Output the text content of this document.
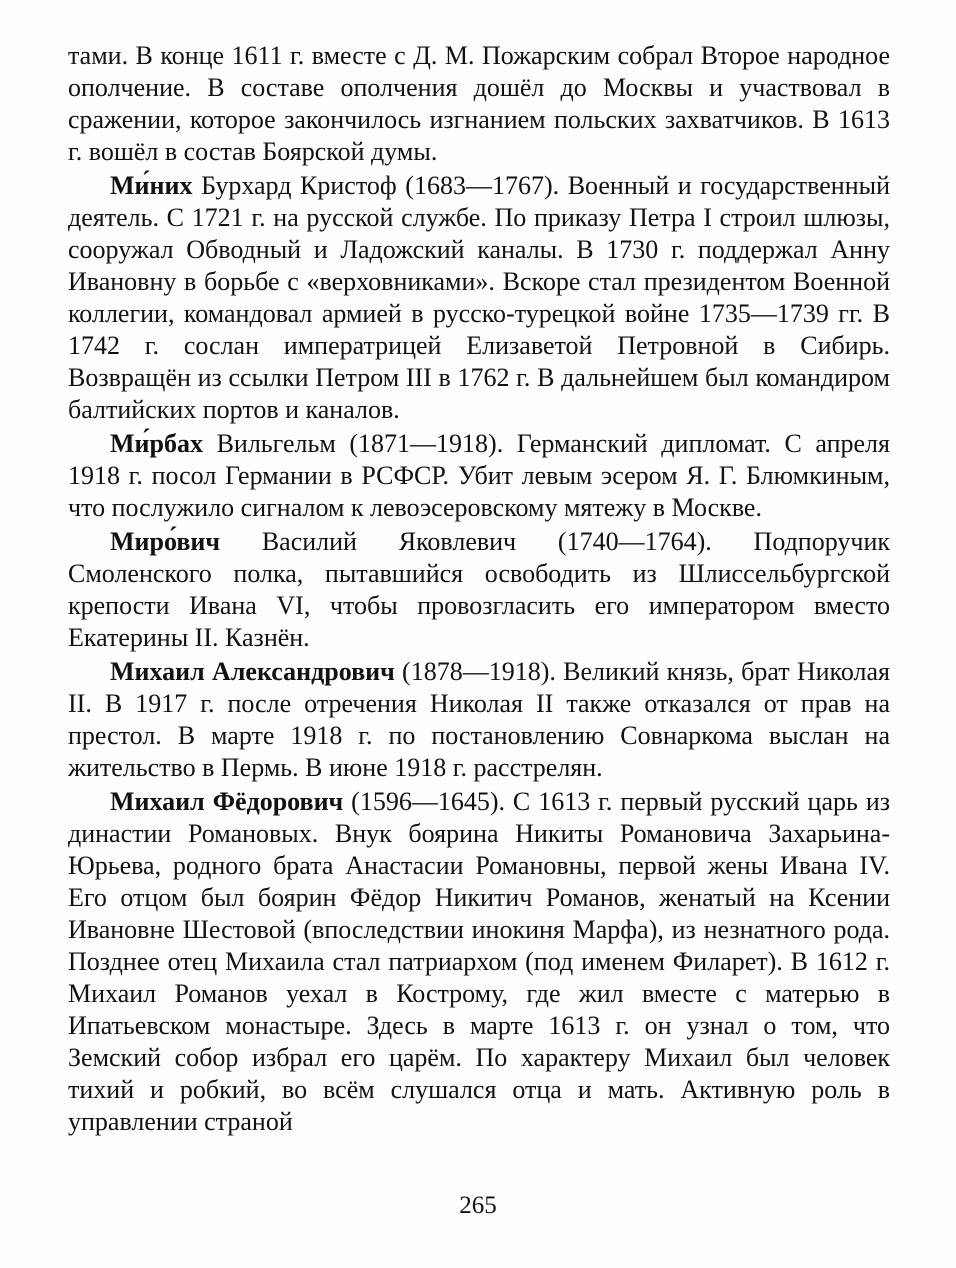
тами. В конце 1611 г. вместе с Д. М. Пожарским собрал Второе народное ополчение. В составе ополчения дошёл до Москвы и участвовал в сражении, которое закончилось изгнанием польских захватчиков. В 1613 г. вошёл в состав Боярской думы.

Ми́них Бурхард Кристоф (1683—1767). Военный и государственный деятель. С 1721 г. на русской службе. По приказу Петра I строил шлюзы, сооружал Обводный и Ладожский каналы. В 1730 г. поддержал Анну Ивановну в борьбе с «верховниками». Вскоре стал президентом Военной коллегии, командовал армией в русско-турецкой войне 1735—1739 гг. В 1742 г. сослан императрицей Елизаветой Петровной в Сибирь. Возвращён из ссылки Петром III в 1762 г. В дальнейшем был командиром балтийских портов и каналов.

Ми́рбах Вильгельм (1871—1918). Германский дипломат. С апреля 1918 г. посол Германии в РСФСР. Убит левым эсером Я. Г. Блюмкиным, что послужило сигналом к левоэсеровскому мятежу в Москве.

Миро́вич Василий Яковлевич (1740—1764). Подпоручик Смоленского полка, пытавшийся освободить из Шлиссельбургской крепости Ивана VI, чтобы провозгласить его императором вместо Екатерины II. Казнён.

Михаил Александрович (1878—1918). Великий князь, брат Николая II. В 1917 г. после отречения Николая II также отказался от прав на престол. В марте 1918 г. по постановлению Совнаркома выслан на жительство в Пермь. В июне 1918 г. расстрелян.

Михаил Фёдорович (1596—1645). С 1613 г. первый русский царь из династии Романовых. Внук боярина Никиты Романовича Захарьина-Юрьева, родного брата Анастасии Романовны, первой жены Ивана IV. Его отцом был боярин Фёдор Никитич Романов, женатый на Ксении Ивановне Шестовой (впоследствии инокиня Марфа), из незнатного рода. Позднее отец Михаила стал патриархом (под именем Филарет). В 1612 г. Михаил Романов уехал в Кострому, где жил вместе с матерью в Ипатьевском монастыре. Здесь в марте 1613 г. он узнал о том, что Земский собор избрал его царём. По характеру Михаил был человек тихий и робкий, во всём слушался отца и мать. Активную роль в управлении страной

265
